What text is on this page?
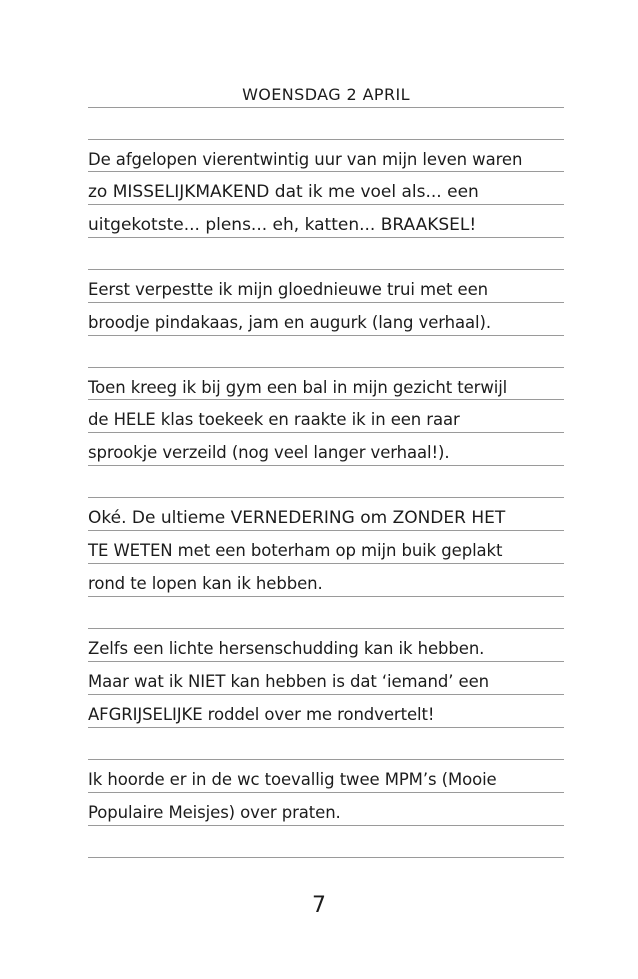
WOENSDAG 2 APRIL
De afgelopen vierentwintig uur van mijn leven waren
zo MISSELIJKMAKEND dat ik me voel als... een
uitgekotste... plens... eh, katten... BRAAKSEL!
Eerst verpestte ik mijn gloednieuwe trui met een
broodje pindakaas, jam en augurk (lang verhaal).
Toen kreeg ik bij gym een bal in mijn gezicht terwijl
de HELE klas toekeek en raakte ik in een raar
sprookje verzeild (nog veel langer verhaal!).
Oké. De ultieme VERNEDERING om ZONDER HET
TE WETEN met een boterham op mijn buik geplakt
rond te lopen kan ik hebben.
Zelfs een lichte hersenschudding kan ik hebben.
Maar wat ik NIET kan hebben is dat ‘iemand’ een
AFGRIJSELIJKE roddel over me rondvertelt!
Ik hoorde er in de wc toevallig twee MPM’s (Mooie
Populaire Meisjes) over praten.
7
